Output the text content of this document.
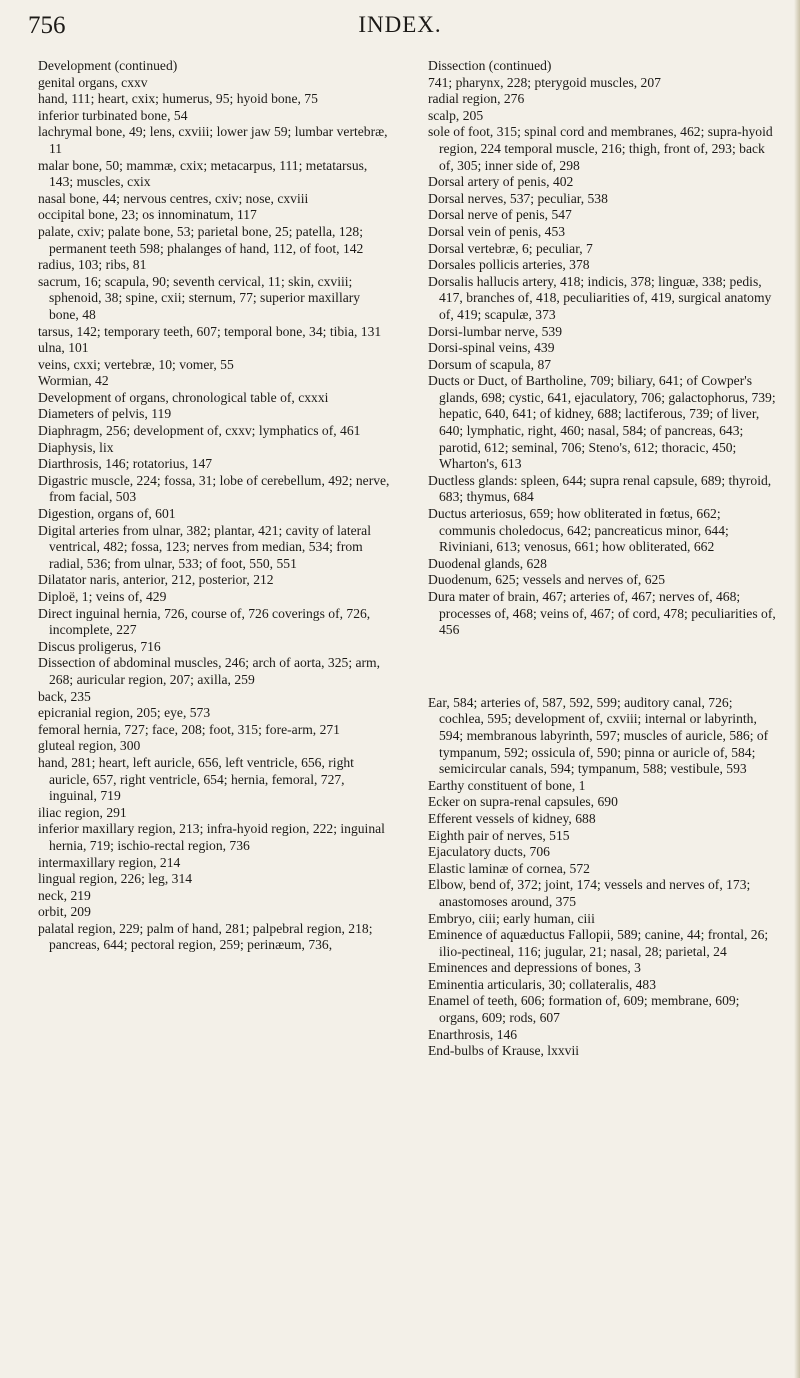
756	INDEX.

Development (continued)

genital organs, cxxv

hand, 111; heart, cxix; humerus, 95; hyoid bone, 75

inferior turbinated bone, 54

lachrymal bone, 49; lens, cxviii; lower jaw 59; lumbar vertebræ, 11

malar bone, 50; mammæ, cxix; metacarpus, 111; metatarsus, 143; muscles, cxix

nasal bone, 44; nervous centres, cxiv; nose, cxviii

occipital bone, 23; os innominatum, 117

palate, cxiv; palate bone, 53; parietal bone, 25; patella, 128; permanent teeth 598; phalanges of hand, 112, of foot, 142

radius, 103; ribs, 81

sacrum, 16; scapula, 90; seventh cervical, 11; skin, cxviii; sphenoid, 38; spine, cxii; sternum, 77; superior maxillary bone, 48

tarsus, 142; temporary teeth, 607; temporal bone, 34; tibia, 131

ulna, 101

veins, cxxi; vertebræ, 10; vomer, 55

Wormian, 42

Development of organs, chronological table of, cxxxi

Diameters of pelvis, 119

Diaphragm, 256; development of, cxxv; lymphatics of, 461

Diaphysis, lix

Diarthrosis, 146; rotatorius, 147

Digastric muscle, 224; fossa, 31; lobe of cerebellum, 492; nerve, from facial, 503

Digestion, organs of, 601

Digital arteries from ulnar, 382; plantar, 421; cavity of lateral ventrical, 482; fossa, 123; nerves from median, 534; from radial, 536; from ulnar, 533; of foot, 550, 551

Dilatator naris, anterior, 212, posterior, 212

Diploë, 1; veins of, 429

Direct inguinal hernia, 726, course of, 726 coverings of, 726, incomplete, 227

Discus proligerus, 716

Dissection of abdominal muscles, 246; arch of aorta, 325; arm, 268; auricular region, 207; axilla, 259

back, 235

epicranial region, 205; eye, 573

femoral hernia, 727; face, 208; foot, 315; fore-arm, 271

gluteal region, 300

hand, 281; heart, left auricle, 656, left ventricle, 656, right auricle, 657, right ventricle, 654; hernia, femoral, 727, inguinal, 719

iliac region, 291

inferior maxillary region, 213; infra-hyoid region, 222; inguinal hernia, 719; ischio-rectal region, 736

intermaxillary region, 214

lingual region, 226; leg, 314

neck, 219

orbit, 209

palatal region, 229; palm of hand, 281; palpebral region, 218; pancreas, 644; pectoral region, 259; perinæum, 736,

Dissection (continued)

741; pharynx, 228; pterygoid muscles, 207

radial region, 276

scalp, 205

sole of foot, 315; spinal cord and membranes, 462; supra-hyoid region, 224 temporal muscle, 216; thigh, front of, 293; back of, 305; inner side of, 298

Dorsal artery of penis, 402

Dorsal nerves, 537; peculiar, 538

Dorsal nerve of penis, 547

Dorsal vein of penis, 453

Dorsal vertebræ, 6; peculiar, 7

Dorsales pollicis arteries, 378

Dorsalis hallucis artery, 418; indicis, 378; linguæ, 338; pedis, 417, branches of, 418, peculiarities of, 419, surgical anatomy of, 419; scapulæ, 373

Dorsi-lumbar nerve, 539

Dorsi-spinal veins, 439

Dorsum of scapula, 87

Ducts or Duct, of Bartholine, 709; biliary, 641; of Cowper's glands, 698; cystic, 641, ejaculatory, 706; galactophorus, 739; hepatic, 640, 641; of kidney, 688; lactiferous, 739; of liver, 640; lymphatic, right, 460; nasal, 584; of pancreas, 643; parotid, 612; seminal, 706; Steno's, 612; thoracic, 450; Wharton's, 613

Ductless glands: spleen, 644; supra renal capsule, 689; thyroid, 683; thymus, 684

Ductus arteriosus, 659; how obliterated in fœtus, 662; communis choledocus, 642; pancreaticus minor, 644; Riviniani, 613; venosus, 661; how obliterated, 662

Duodenal glands, 628

Duodenum, 625; vessels and nerves of, 625

Dura mater of brain, 467; arteries of, 467; nerves of, 468; processes of, 468; veins of, 467; of cord, 478; peculiarities of, 456

Ear, 584; arteries of, 587, 592, 599; auditory canal, 726; cochlea, 595; development of, cxviii; internal or labyrinth, 594; membranous labyrinth, 597; muscles of auricle, 586; of tympanum, 592; ossicula of, 590; pinna or auricle of, 584; semicircular canals, 594; tympanum, 588; vestibule, 593

Earthy constituent of bone, 1

Ecker on supra-renal capsules, 690

Efferent vessels of kidney, 688

Eighth pair of nerves, 515

Ejaculatory ducts, 706

Elastic laminæ of cornea, 572

Elbow, bend of, 372; joint, 174; vessels and nerves of, 173; anastomoses around, 375

Embryo, ciii; early human, ciii

Eminence of aquæductus Fallopii, 589; canine, 44; frontal, 26; ilio-pectineal, 116; jugular, 21; nasal, 28; parietal, 24

Eminences and depressions of bones, 3

Eminentia articularis, 30; collateralis, 483

Enamel of teeth, 606; formation of, 609; membrane, 609; organs, 609; rods, 607

Enarthrosis, 146

End-bulbs of Krause, lxxvii
